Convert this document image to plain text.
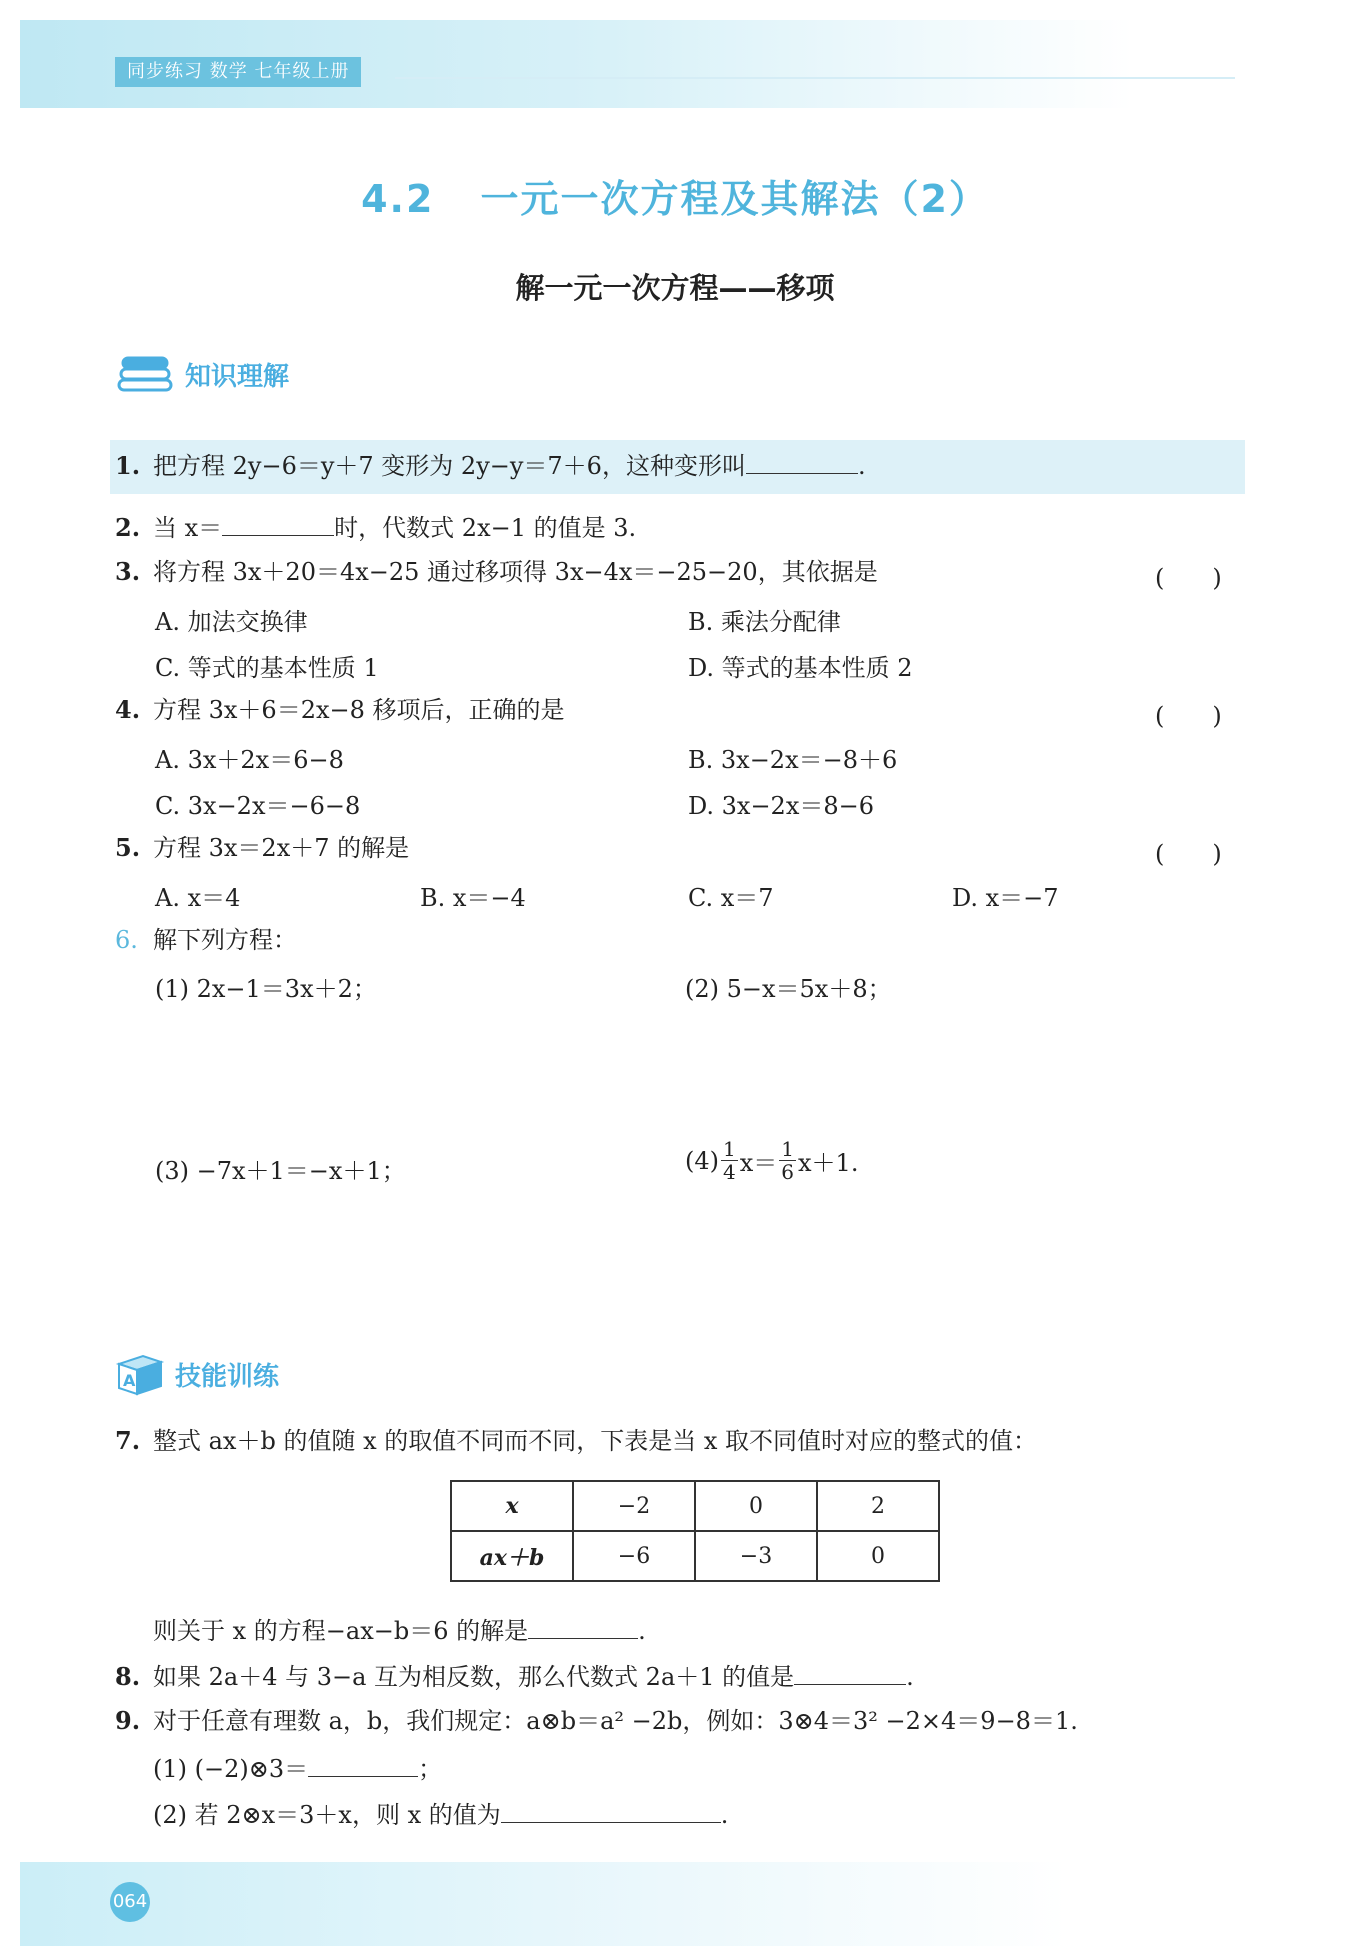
同步练习 数学 七年级上册
4.2 一元一次方程及其解法（2）
解一元一次方程——移项
知识理解
1. 把方程 2y−6＝y＋7 变形为 2y−y＝7＋6，这种变形叫	.
2. 当 x＝	时，代数式 2x−1 的值是 3.
3. 将方程 3x＋20＝4x−25 通过移项得 3x−4x＝−25−20，其依据是	(　　)
A. 加法交换律	B. 乘法分配律
C. 等式的基本性质 1	D. 等式的基本性质 2
4. 方程 3x＋6＝2x−8 移项后，正确的是	(　　)
A. 3x＋2x＝6−8	B. 3x−2x＝−8＋6
C. 3x−2x＝−6−8	D. 3x−2x＝8−6
5. 方程 3x＝2x＋7 的解是	(　　)
A. x＝4	B. x＝−4	C. x＝7	D. x＝−7
6. 解下列方程：
(1) 2x−1＝3x＋2；	(2) 5−x＝5x＋8；
(3) −7x＋1＝−x＋1；	$(4) \frac{1}{4} x= \frac{1}{6} x+1$.
A 技能训练
7. 整式 ax＋b 的值随 x 的取值不同而不同，下表是当 x 取不同值时对应的整式的值：
x	−2	0	2
ax＋b	−6	−3	0
则关于 x 的方程−ax−b＝6 的解是	.
8. 如果 2a＋4 与 3−a 互为相反数，那么代数式 2a＋1 的值是	.
9. 对于任意有理数 a，b，我们规定：a⊗b＝a² −2b，例如：3⊗4＝3² −2×4＝9−8＝1.
(1) (−2)⊗3＝	；
(2) 若 2⊗x＝3＋x，则 x 的值为	.
064
